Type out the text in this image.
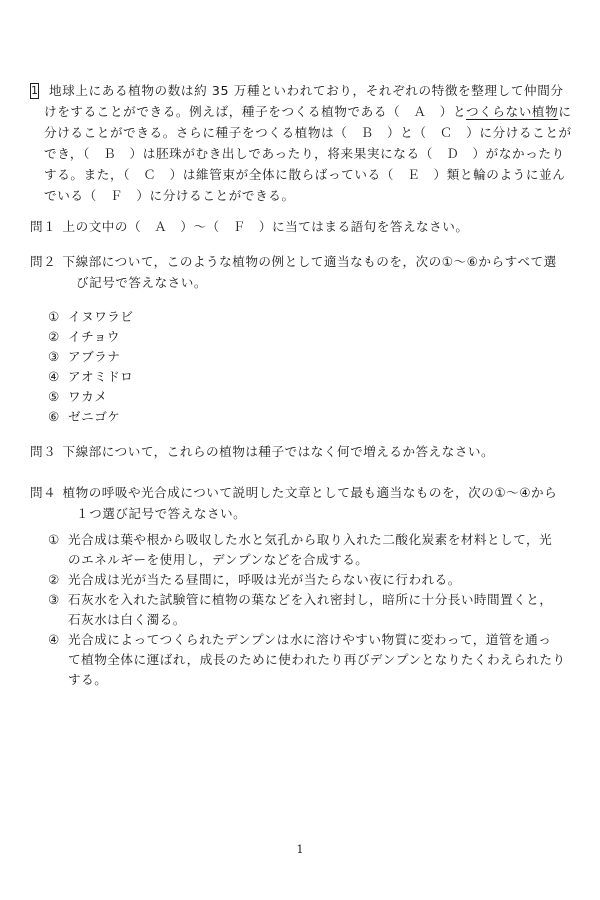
1 地球上にある植物の数は約 35 万種といわれており，それぞれの特徴を整理して仲間分
けをすることができる。例えば，種子をつくる植物である（　Ａ　）とつくらない植物に
分けることができる。さらに種子をつくる植物は（　Ｂ　）と（　Ｃ　）に分けることが
でき，（　Ｂ　）は胚珠がむき出しであったり，将来果実になる（　Ｄ　）がなかったり
する。また，（　Ｃ　）は維管束が全体に散らばっている（　Ｅ　）類と輪のように並ん
でいる（　Ｆ　）に分けることができる。
問１ 上の文中の（　Ａ　）～（　Ｆ　）に当てはまる語句を答えなさい。
問２ 下線部について，このような植物の例として適当なものを，次の①～⑥からすべて選
び記号で答えなさい。
① イヌワラビ
② イチョウ
③ アブラナ
④ アオミドロ
⑤ ワカメ
⑥ ゼニゴケ
問３ 下線部について，これらの植物は種子ではなく何で増えるか答えなさい。
問４ 植物の呼吸や光合成について説明した文章として最も適当なものを，次の①～④から
１つ選び記号で答えなさい。
① 光合成は葉や根から吸収した水と気孔から取り入れた二酸化炭素を材料として，光
のエネルギーを使用し，デンプンなどを合成する。
② 光合成は光が当たる昼間に，呼吸は光が当たらない夜に行われる。
③ 石灰水を入れた試験管に植物の葉などを入れ密封し，暗所に十分長い時間置くと，
石灰水は白く濁る。
④ 光合成によってつくられたデンプンは水に溶けやすい物質に変わって，道管を通っ
て植物全体に運ばれ，成長のために使われたり再びデンプンとなりたくわえられたり
する。
1
